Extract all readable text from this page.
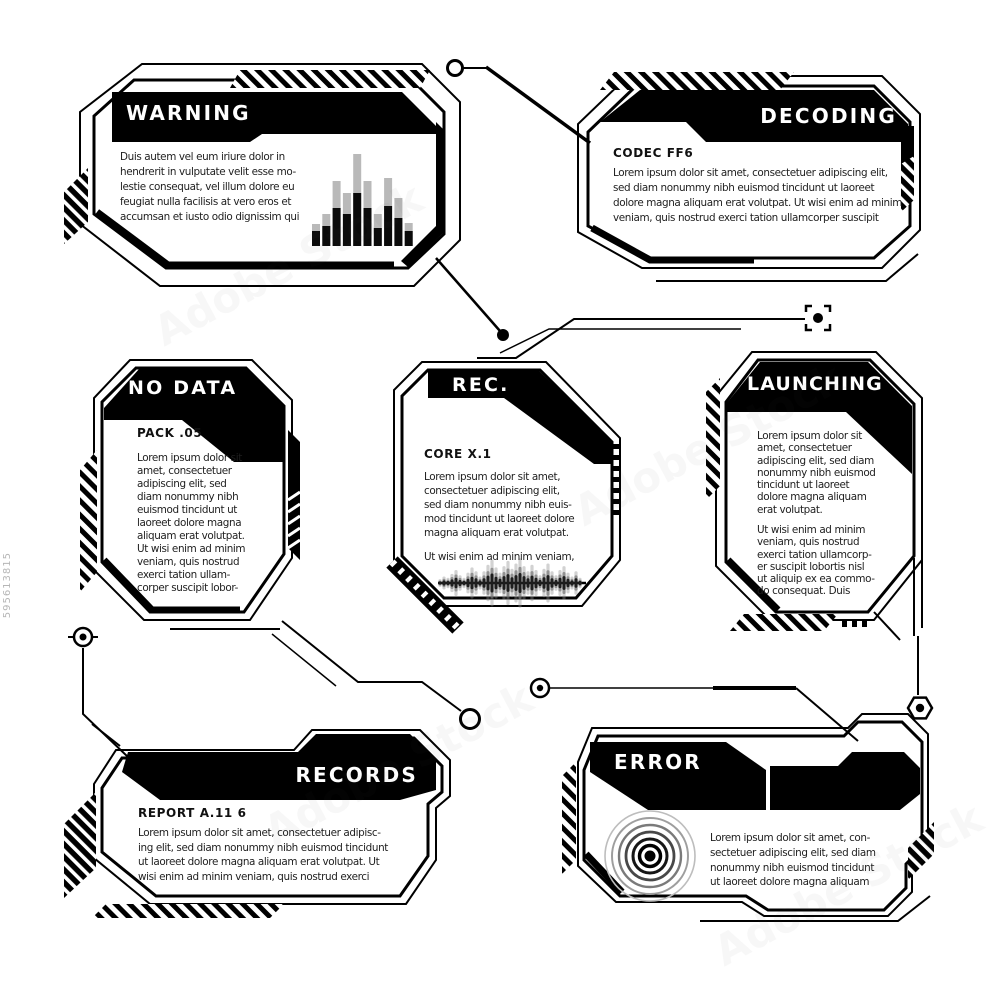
WARNING
Duis autem vel eum iriure dolor in
hendrerit in vulputate velit esse mo-
lestie consequat, vel illum dolore eu
feugiat nulla facilisis at vero eros et
accumsan et iusto odio dignissim qui
DECODING
CODEC FF6
Lorem ipsum dolor sit amet, consectetuer adipiscing elit,
sed diam nonummy nibh euismod tincidunt ut laoreet
dolore magna aliquam erat volutpat. Ut wisi enim ad minim
veniam, quis nostrud exerci tation ullamcorper suscipit
NO DATA
PACK .05
Lorem ipsum dolor sit
amet, consectetuer
adipiscing elit, sed
diam nonummy nibh
euismod tincidunt ut
laoreet dolore magna
aliquam erat volutpat.
Ut wisi enim ad minim
veniam, quis nostrud
exerci tation ullam-
corper suscipit lobor-
REC.
CORE X.1
Lorem ipsum dolor sit amet,
consectetuer adipiscing elit,
sed diam nonummy nibh euis-
mod tincidunt ut laoreet dolore
magna aliquam erat volutpat.
Ut wisi enim ad minim veniam,
LAUNCHING
Lorem ipsum dolor sit
amet, consectetuer
adipiscing elit, sed diam
nonummy nibh euismod
tincidunt ut laoreet
dolore magna aliquam
erat volutpat.
Ut wisi enim ad minim
veniam, quis nostrud
exerci tation ullamcorp-
er suscipit lobortis nisl
ut aliquip ex ea commo-
do consequat. Duis
RECORDS
REPORT A.11 6
Lorem ipsum dolor sit amet, consectetuer adipisc-
ing elit, sed diam nonummy nibh euismod tincidunt
ut laoreet dolore magna aliquam erat volutpat. Ut
wisi enim ad minim veniam, quis nostrud exerci
ERROR
Lorem ipsum dolor sit amet, con-
sectetuer adipiscing elit, sed diam
nonummy nibh euismod tincidunt
ut laoreet dolore magna aliquam
595613815
